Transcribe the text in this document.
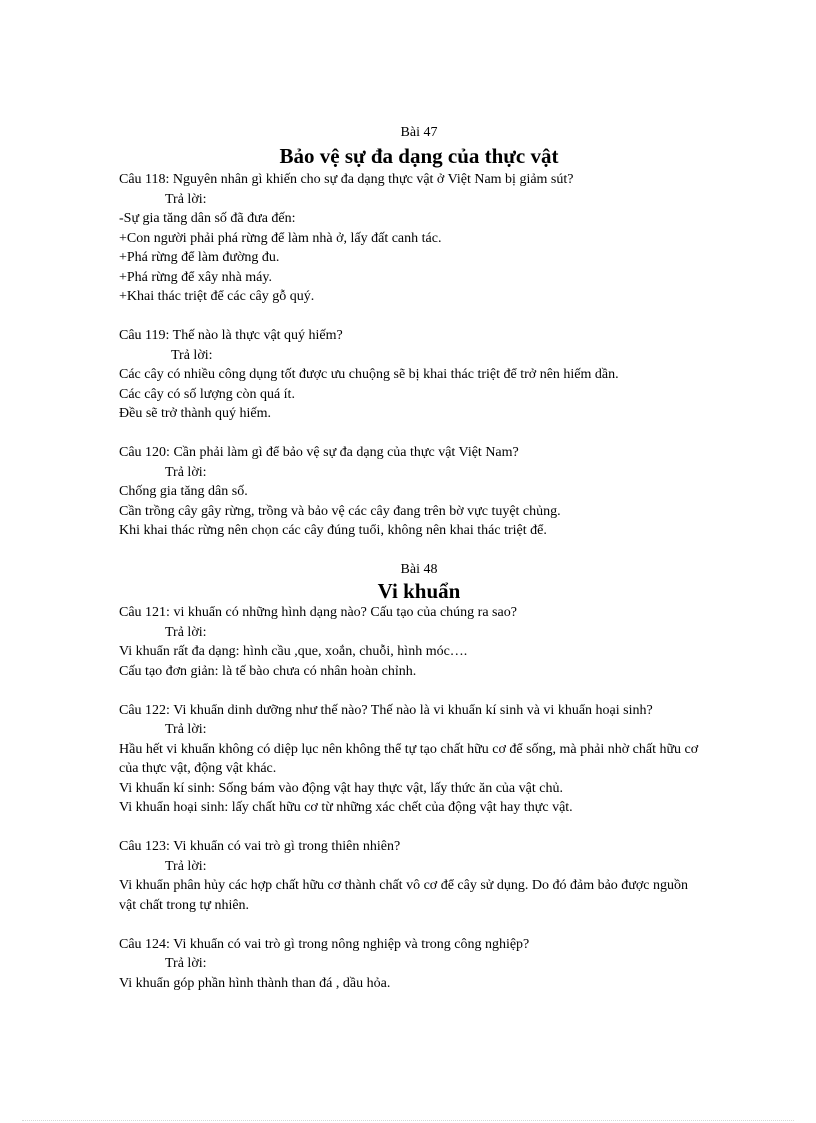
Bài 47
Bảo vệ sự đa dạng của thực vật
Câu 118: Nguyên nhân gì khiến cho sự đa dạng thực vật ở Việt Nam bị giảm sút?
Trả lời:
-Sự gia tăng dân số đã đưa đến:
+Con người phải phá rừng để làm nhà ở, lấy đất canh tác.
+Phá rừng để làm đường đu.
+Phá rừng để xây nhà máy.
+Khai thác triệt để các cây gỗ quý.
Câu 119: Thế nào là thực vật quý hiếm?
Trả lời:
Các cây có nhiều công dụng tốt được ưu chuộng sẽ bị khai thác triệt để trở nên hiếm dần.
Các cây có số lượng còn quá ít.
Đều sẽ trở thành quý hiếm.
Câu 120: Cần phải làm gì để bảo vệ sự đa dạng của thực vật Việt Nam?
Trả lời:
Chống gia tăng dân số.
Cần trồng cây gây rừng, trồng và bảo vệ các cây đang trên bờ vực tuyệt chủng.
Khi khai thác rừng nên chọn các cây đúng tuổi, không nên khai thác triệt để.
Bài 48
Vi khuẩn
Câu 121: vi khuẩn có những hình dạng nào? Cấu tạo của chúng ra sao?
Trả lời:
Vi khuẩn rất đa dạng: hình cầu ,que, xoắn, chuỗi, hình móc….
Cấu tạo đơn giản: là tế bào chưa có nhân hoàn chỉnh.
Câu 122: Vi khuẩn dinh dưỡng như thế nào? Thế nào là vi khuẩn kí sinh và vi khuẩn hoại sinh?
Trả lời:
Hầu hết vi khuẩn không có diệp lục nên không thể tự tạo chất hữu cơ để sống, mà phải nhờ chất hữu cơ của thực vật, động vật khác.
Vi khuẩn kí sinh: Sống bám vào động vật hay thực vật, lấy thức ăn của vật chủ.
Vi khuẩn hoại sinh: lấy chất hữu cơ từ những xác chết của động vật hay thực vật.
Câu 123: Vi khuẩn có vai trò gì trong thiên nhiên?
Trả lời:
Vi khuẩn phân hủy các hợp chất hữu cơ thành chất vô cơ để cây sử dụng. Do đó đảm bảo được nguồn vật chất trong tự nhiên.
Câu 124: Vi khuẩn có vai trò gì trong nông nghiệp và trong công nghiệp?
Trả lời:
Vi khuẩn góp phần hình thành than đá , dầu hỏa.
